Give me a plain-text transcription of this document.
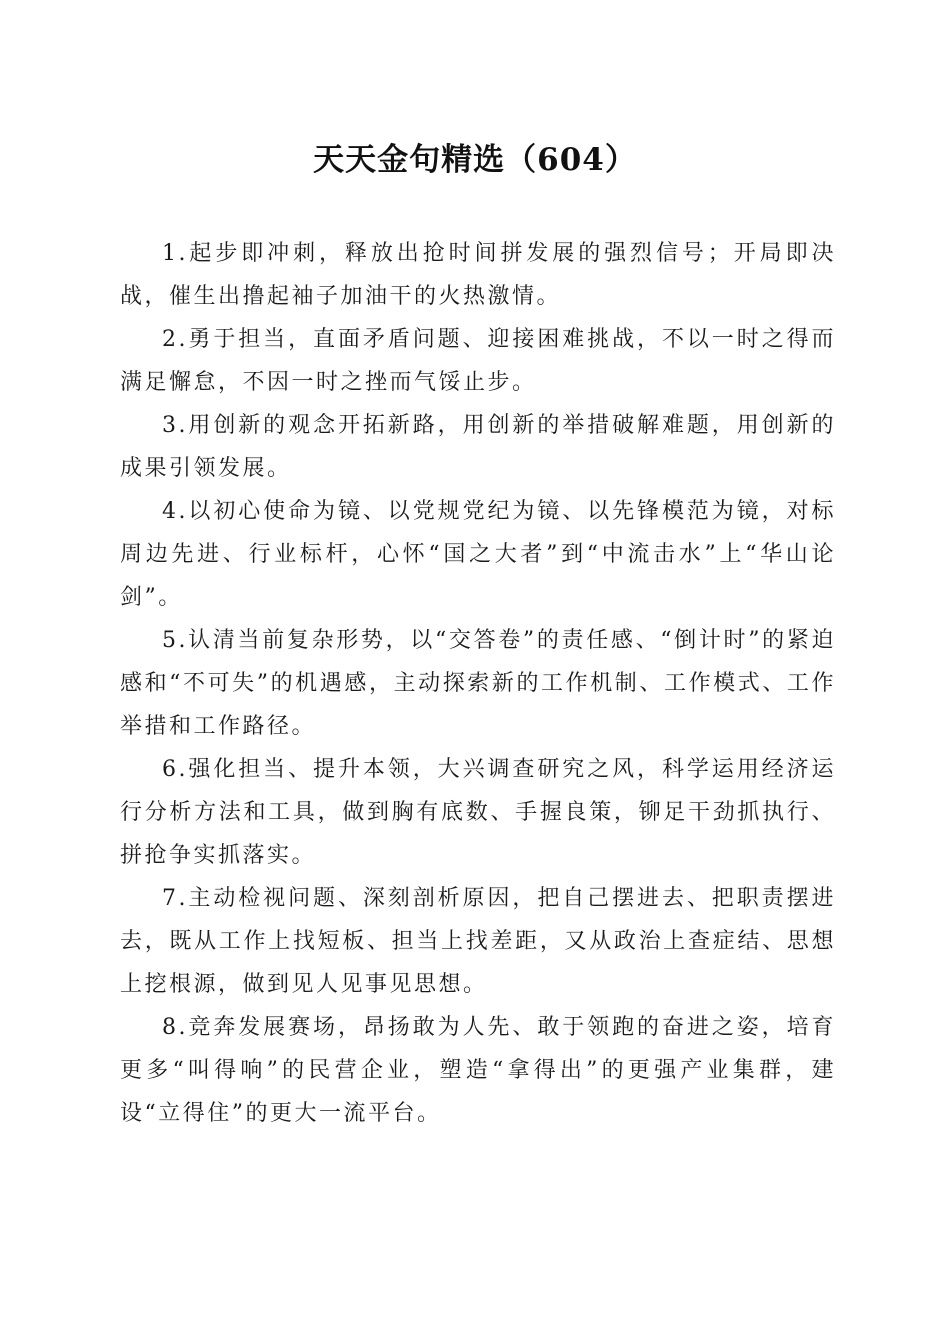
天天金句精选（604）

1.起步即冲刺，释放出抢时间拼发展的强烈信号；开局即决战，催生出撸起袖子加油干的火热激情。

2.勇于担当，直面矛盾问题、迎接困难挑战，不以一时之得而满足懈怠，不因一时之挫而气馁止步。

3.用创新的观念开拓新路，用创新的举措破解难题，用创新的成果引领发展。

4.以初心使命为镜、以党规党纪为镜、以先锋模范为镜，对标周边先进、行业标杆，心怀“国之大者”到“中流击水”上“华山论剑”。

5.认清当前复杂形势，以“交答卷”的责任感、“倒计时”的紧迫感和“不可失”的机遇感，主动探索新的工作机制、工作模式、工作举措和工作路径。

6.强化担当、提升本领，大兴调查研究之风，科学运用经济运行分析方法和工具，做到胸有底数、手握良策，铆足干劲抓执行、拼抢争实抓落实。

7.主动检视问题、深刻剖析原因，把自己摆进去、把职责摆进去，既从工作上找短板、担当上找差距，又从政治上查症结、思想上挖根源，做到见人见事见思想。

8.竞奔发展赛场，昂扬敢为人先、敢于领跑的奋进之姿，培育更多“叫得响”的民营企业，塑造“拿得出”的更强产业集群，建设“立得住”的更大一流平台。
